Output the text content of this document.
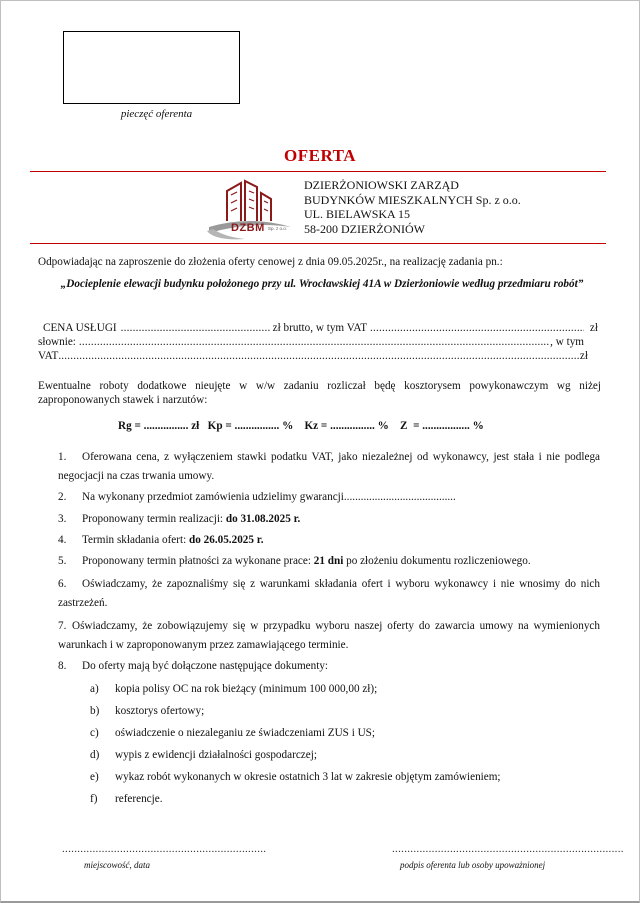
pieczęć oferenta
OFERTA
DZBM Sp. z o.o.
DZIERŻONIOWSKI ZARZĄD
BUDYNKÓW MIESZKALNYCH Sp. z o.o.
UL. BIELAWSKA 15
58-200 DZIERŻONIÓW
Odpowiadając na zaproszenie do złożenia oferty cenowej z dnia 09.05.2025r., na realizację zadania pn.:
„Docieplenie elewacji budynku położonego przy ul. Wrocławskiej 41A w Dzierżoniowie według przedmiaru robót”
CENA USŁUGI .....	zł brutto, w tym VAT .....	zł
słownie: .....	, w tym
VAT .....	zł
Ewentualne roboty dodatkowe nieujęte w w/w zadaniu rozliczał będę kosztorysem powykonawczym wg niżej zaproponowanych stawek i narzutów:
Rg = ................ zł   Kp = ................ %    Kz = ................ %    Z  = ................. %
1. Oferowana cena, z wyłączeniem stawki podatku VAT, jako niezależnej od wykonawcy, jest stała i nie podlega negocjacji na czas trwania umowy.
2. Na wykonany przedmiot zamówienia udzielimy gwarancji........................................
3. Proponowany termin realizacji: do 31.08.2025 r.
4. Termin składania ofert: do 26.05.2025 r.
5. Proponowany termin płatności za wykonane prace: 21 dni po złożeniu dokumentu rozliczeniowego.
6. Oświadczamy, że zapoznaliśmy się z warunkami składania ofert i wyboru wykonawcy i nie wnosimy do nich zastrzeżeń.
7. Oświadczamy, że zobowiązujemy się w przypadku wyboru naszej oferty do zawarcia umowy na wymienionych warunkach i w zaproponowanym przez zamawiającego terminie.
8. Do oferty mają być dołączone następujące dokumenty:
a) kopia polisy OC na rok bieżący (minimum 100 000,00 zł);
b) kosztorys ofertowy;
c) oświadczenie o niezaleganiu ze świadczeniami ZUS i US;
d) wypis z ewidencji działalności gospodarczej;
e) wykaz robót wykonanych w okresie ostatnich 3 lat w zakresie objętym zamówieniem;
f) referencje.
...................................................................
miejscowość, data
............................................................................
podpis oferenta lub osoby upoważnionej
